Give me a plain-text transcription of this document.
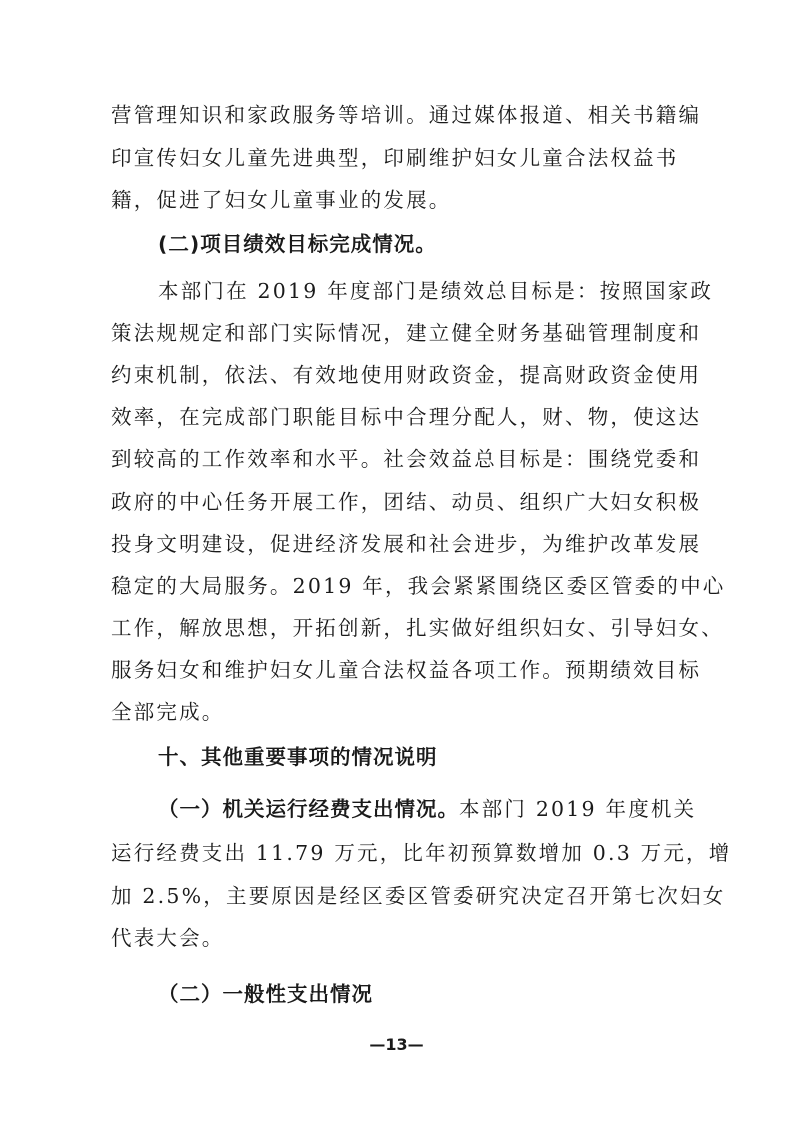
营管理知识和家政服务等培训。通过媒体报道、相关书籍编
印宣传妇女儿童先进典型，印刷维护妇女儿童合法权益书
籍，促进了妇女儿童事业的发展。
(二)项目绩效目标完成情况。
本部门在 2019 年度部门是绩效总目标是：按照国家政
策法规规定和部门实际情况，建立健全财务基础管理制度和
约束机制，依法、有效地使用财政资金，提高财政资金使用
效率，在完成部门职能目标中合理分配人，财、物，使这达
到较高的工作效率和水平。社会效益总目标是：围绕党委和
政府的中心任务开展工作，团结、动员、组织广大妇女积极
投身文明建设，促进经济发展和社会进步，为维护改革发展
稳定的大局服务。2019 年，我会紧紧围绕区委区管委的中心
工作，解放思想，开拓创新，扎实做好组织妇女、引导妇女、
服务妇女和维护妇女儿童合法权益各项工作。预期绩效目标
全部完成。
十、其他重要事项的情况说明
（一）机关运行经费支出情况。本部门 2019 年度机关
运行经费支出 11.79 万元，比年初预算数增加 0.3 万元，增
加 2.5%，主要原因是经区委区管委研究决定召开第七次妇女
代表大会。
（二）一般性支出情况
—13—
